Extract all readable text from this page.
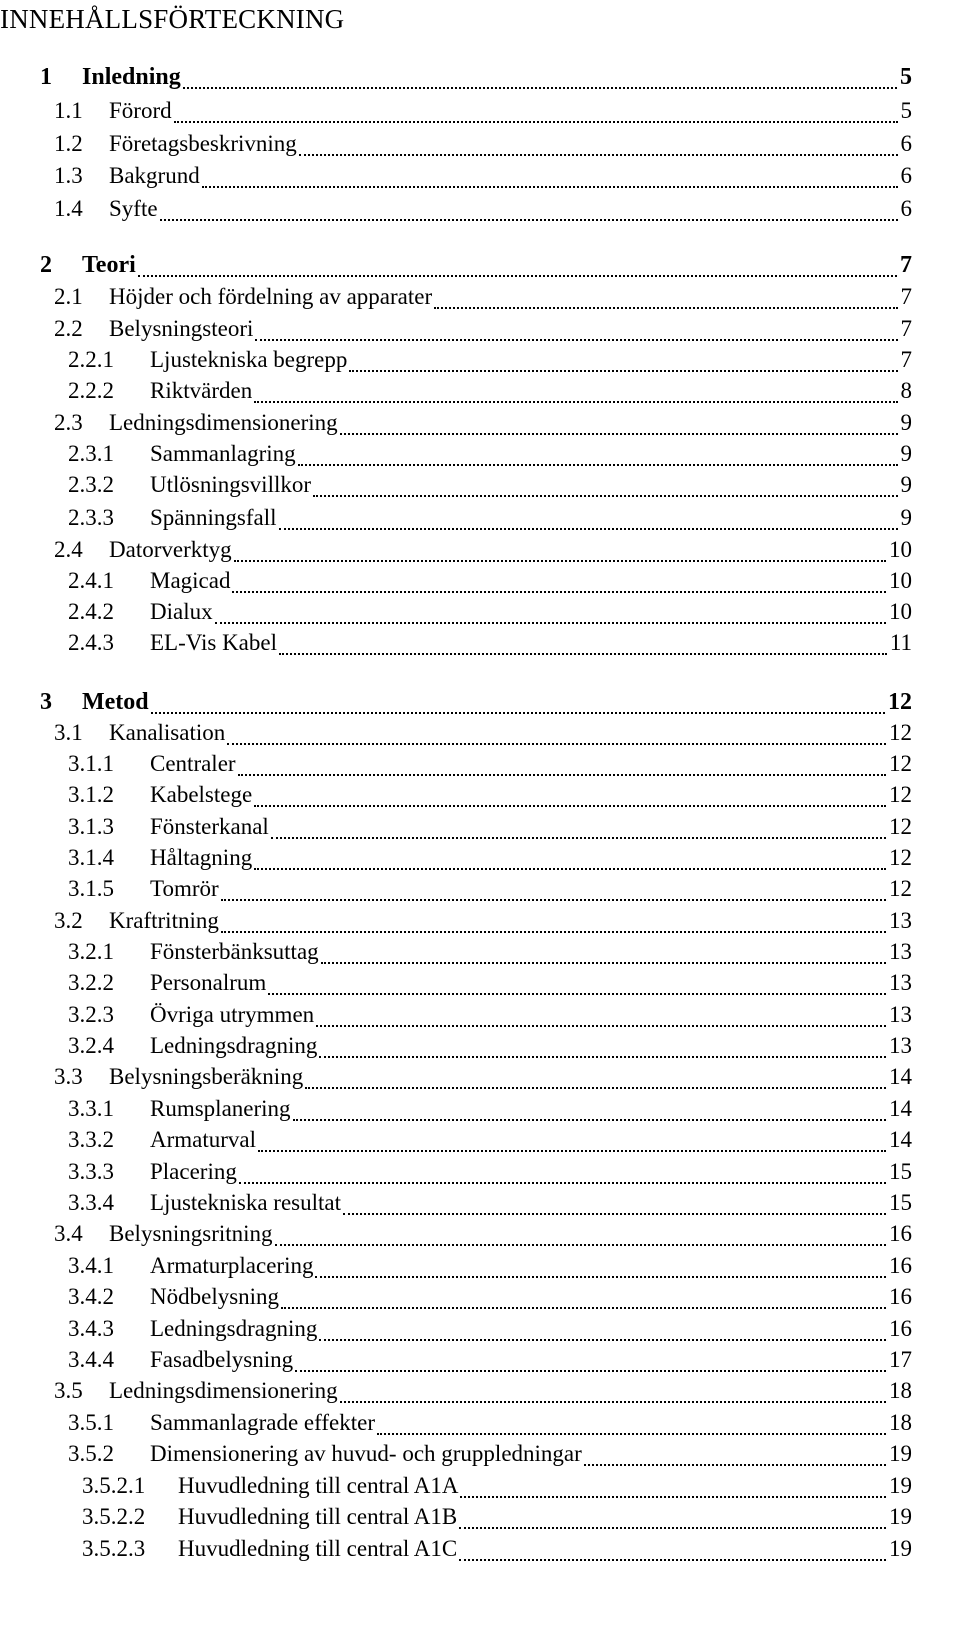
INNEHÅLLSFÖRTECKNING
1	Inledning	5
1.1	Förord	5
1.2	Företagsbeskrivning	6
1.3	Bakgrund	6
1.4	Syfte	6
2	Teori	7
2.1	Höjder och fördelning av apparater	7
2.2	Belysningsteori	7
2.2.1	Ljustekniska begrepp	7
2.2.2	Riktvärden	8
2.3	Ledningsdimensionering	9
2.3.1	Sammanlagring	9
2.3.2	Utlösningsvillkor	9
2.3.3	Spänningsfall	9
2.4	Datorverktyg	10
2.4.1	Magicad	10
2.4.2	Dialux	10
2.4.3	EL-Vis Kabel	11
3	Metod	12
3.1	Kanalisation	12
3.1.1	Centraler	12
3.1.2	Kabelstege	12
3.1.3	Fönsterkanal	12
3.1.4	Håltagning	12
3.1.5	Tomrör	12
3.2	Kraftritning	13
3.2.1	Fönsterbänksuttag	13
3.2.2	Personalrum	13
3.2.3	Övriga utrymmen	13
3.2.4	Ledningsdragning	13
3.3	Belysningsberäkning	14
3.3.1	Rumsplanering	14
3.3.2	Armaturval	14
3.3.3	Placering	15
3.3.4	Ljustekniska resultat	15
3.4	Belysningsritning	16
3.4.1	Armaturplacering	16
3.4.2	Nödbelysning	16
3.4.3	Ledningsdragning	16
3.4.4	Fasadbelysning	17
3.5	Ledningsdimensionering	18
3.5.1	Sammanlagrade effekter	18
3.5.2	Dimensionering av huvud- och gruppledningar	19
3.5.2.1	Huvudledning till central A1A	19
3.5.2.2	Huvudledning till central A1B	19
3.5.2.3	Huvudledning till central A1C	19
